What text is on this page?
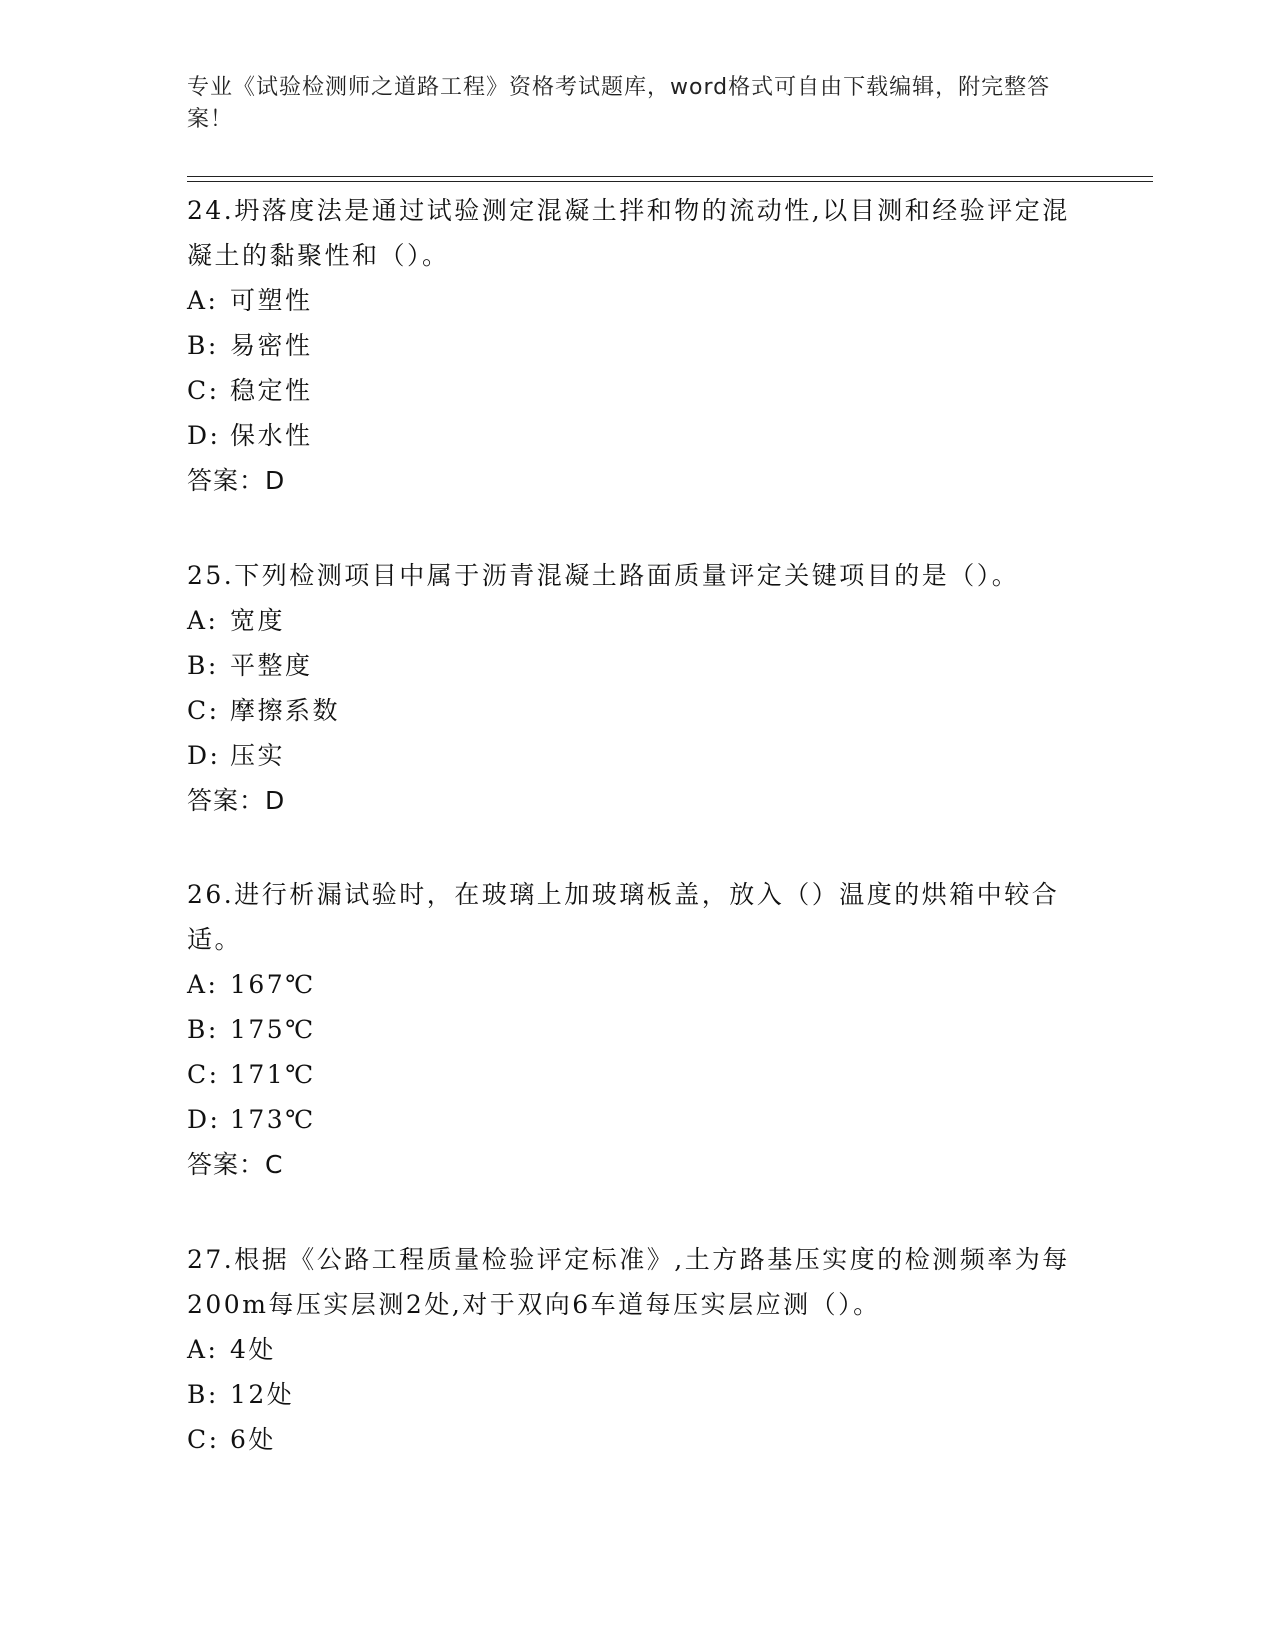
专业《试验检测师之道路工程》资格考试题库，word格式可自由下载编辑，附完整答案！

24.坍落度法是通过试验测定混凝土拌和物的流动性,以目测和经验评定混凝土的黏聚性和（）。

A: 可塑性

B: 易密性

C: 稳定性

D: 保水性

答案：D

25.下列检测项目中属于沥青混凝土路面质量评定关键项目的是（）。

A: 宽度

B: 平整度

C: 摩擦系数

D: 压实

答案：D

26.进行析漏试验时，在玻璃上加玻璃板盖，放入（）温度的烘箱中较合适。

A: 167℃

B: 175℃

C: 171℃

D: 173℃

答案：C

27.根据《公路工程质量检验评定标准》,土方路基压实度的检测频率为每200m每压实层测2处,对于双向6车道每压实层应测（）。

A: 4处

B: 12处

C: 6处
